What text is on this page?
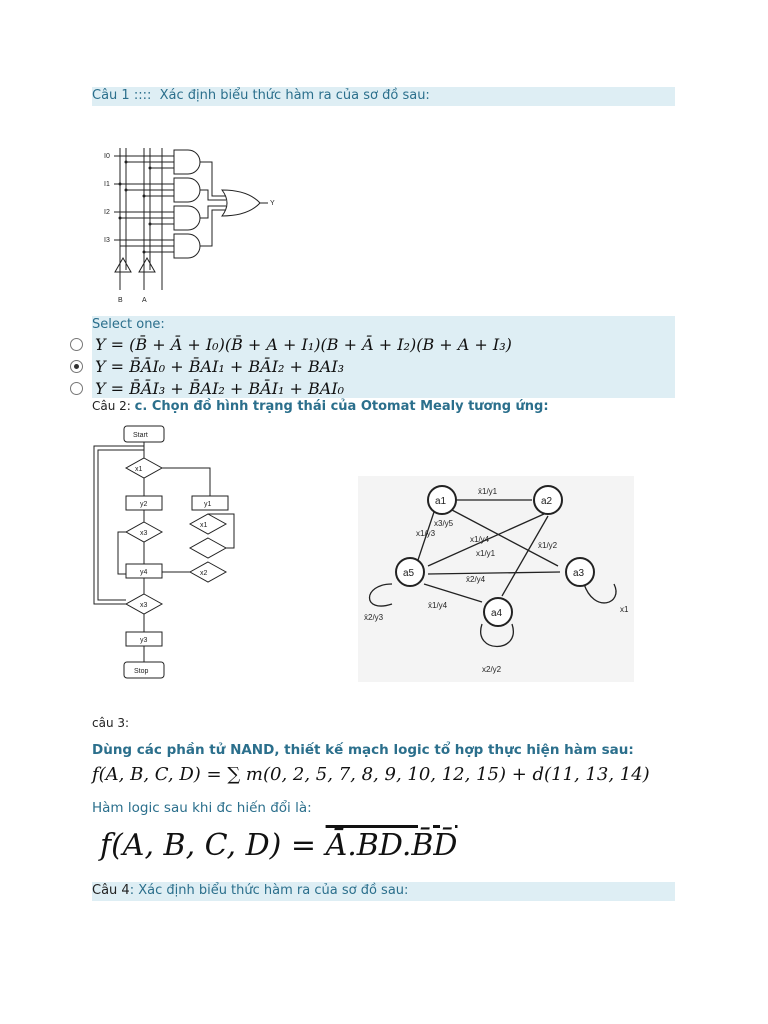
Câu 1 :::: Xác định biểu thức hàm ra của sơ đồ sau:
I0
I1
I2
I3
B	A
Y
Select one:
Y = (B̄ + Ā + I₀)(B̄ + A + I₁)(B + Ā + I₂)(B + A + I₃)
Y = B̄ĀI₀ + B̄AI₁ + BĀI₂ + BAI₃
Y = B̄ĀI₃ + B̄AI₂ + BĀI₁ + BAI₀
Câu 2: c. Chọn đồ hình trạng thái của Otomat Mealy tương ứng:
Start
x1
y2	y1
x1
x3
x2
y4
x3
y3
Stop
a1	a2
a3
a4
a5
x̄1/y1
x̄1/y2
x̄2/y4
x1/y4
x1/y1
x1/y3
x3/y5
x̄2/y3
x1
x2/y2
x̄1/y4
câu 3:
Dùng các phần tử NAND, thiết kế mạch logic tổ hợp thực hiện hàm sau:
f(A, B, C, D) = ∑ m(0, 2, 5, 7, 8, 9, 10, 12, 15) + d(11, 13, 14)
Hàm logic sau khi đc hiến đổi là:
f(A, B, C, D) = Ā.BD.B̄D̄
Câu 4: Xác định biểu thức hàm ra của sơ đồ sau:
